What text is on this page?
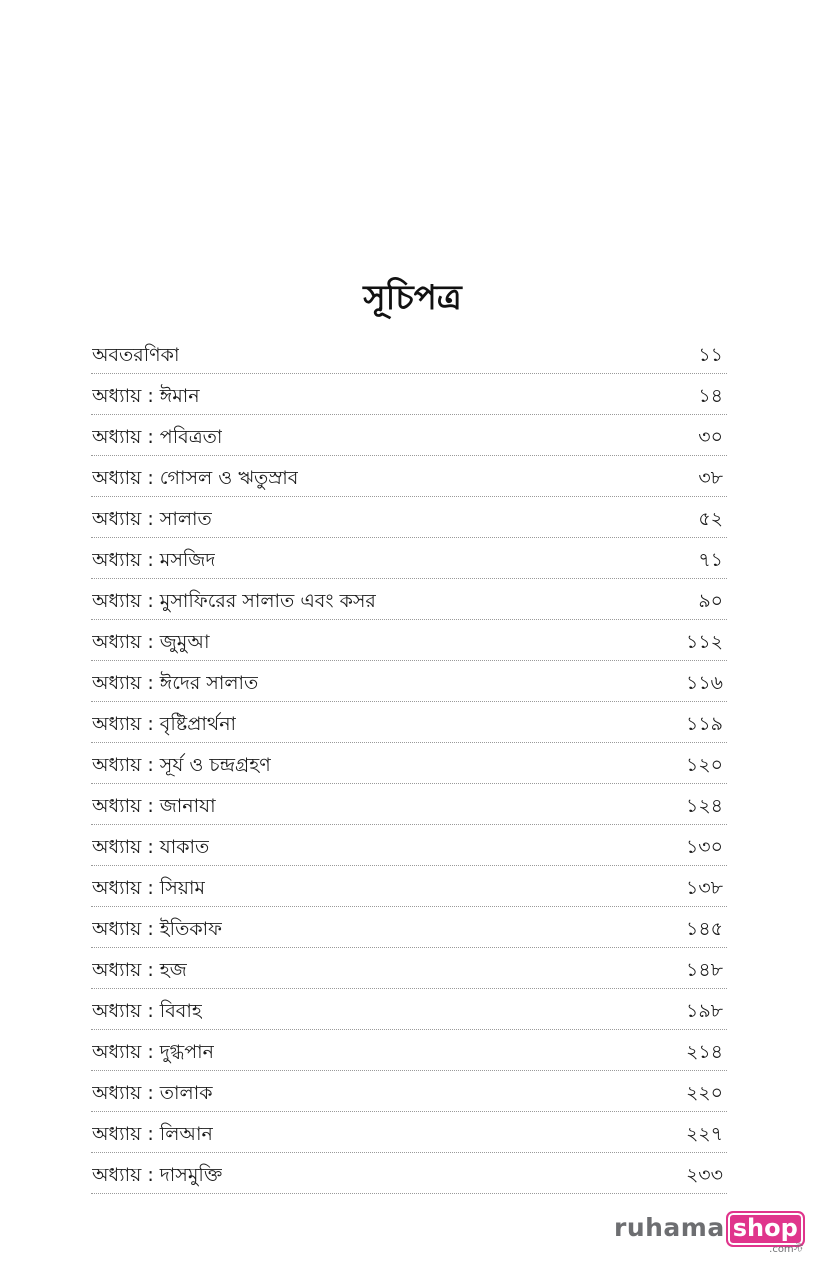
সূচিপত্র
অবতরণিকা	১১
অধ্যায় : ঈমান	১৪
অধ্যায় : পবিত্রতা	৩০
অধ্যায় : গোসল ও ঋতুস্রাব	৩৮
অধ্যায় : সালাত	৫২
অধ্যায় : মসজিদ	৭১
অধ্যায় : মুসাফিরের সালাত এবং কসর	৯০
অধ্যায় : জুমুআ	১১২
অধ্যায় : ঈদের সালাত	১১৬
অধ্যায় : বৃষ্টিপ্রার্থনা	১১৯
অধ্যায় : সূর্য ও চন্দ্রগ্রহণ	১২০
অধ্যায় : জানাযা	১২৪
অধ্যায় : যাকাত	১৩০
অধ্যায় : সিয়াম	১৩৮
অধ্যায় : ইতিকাফ	১৪৫
অধ্যায় : হজ	১৪৮
অধ্যায় : বিবাহ	১৯৮
অধ্যায় : দুগ্ধপান	২১৪
অধ্যায় : তালাক	২২০
অধ্যায় : লিআন	২২৭
অধ্যায় : দাসমুক্তি	২৩৩
ruhama shop
.comস্ট
